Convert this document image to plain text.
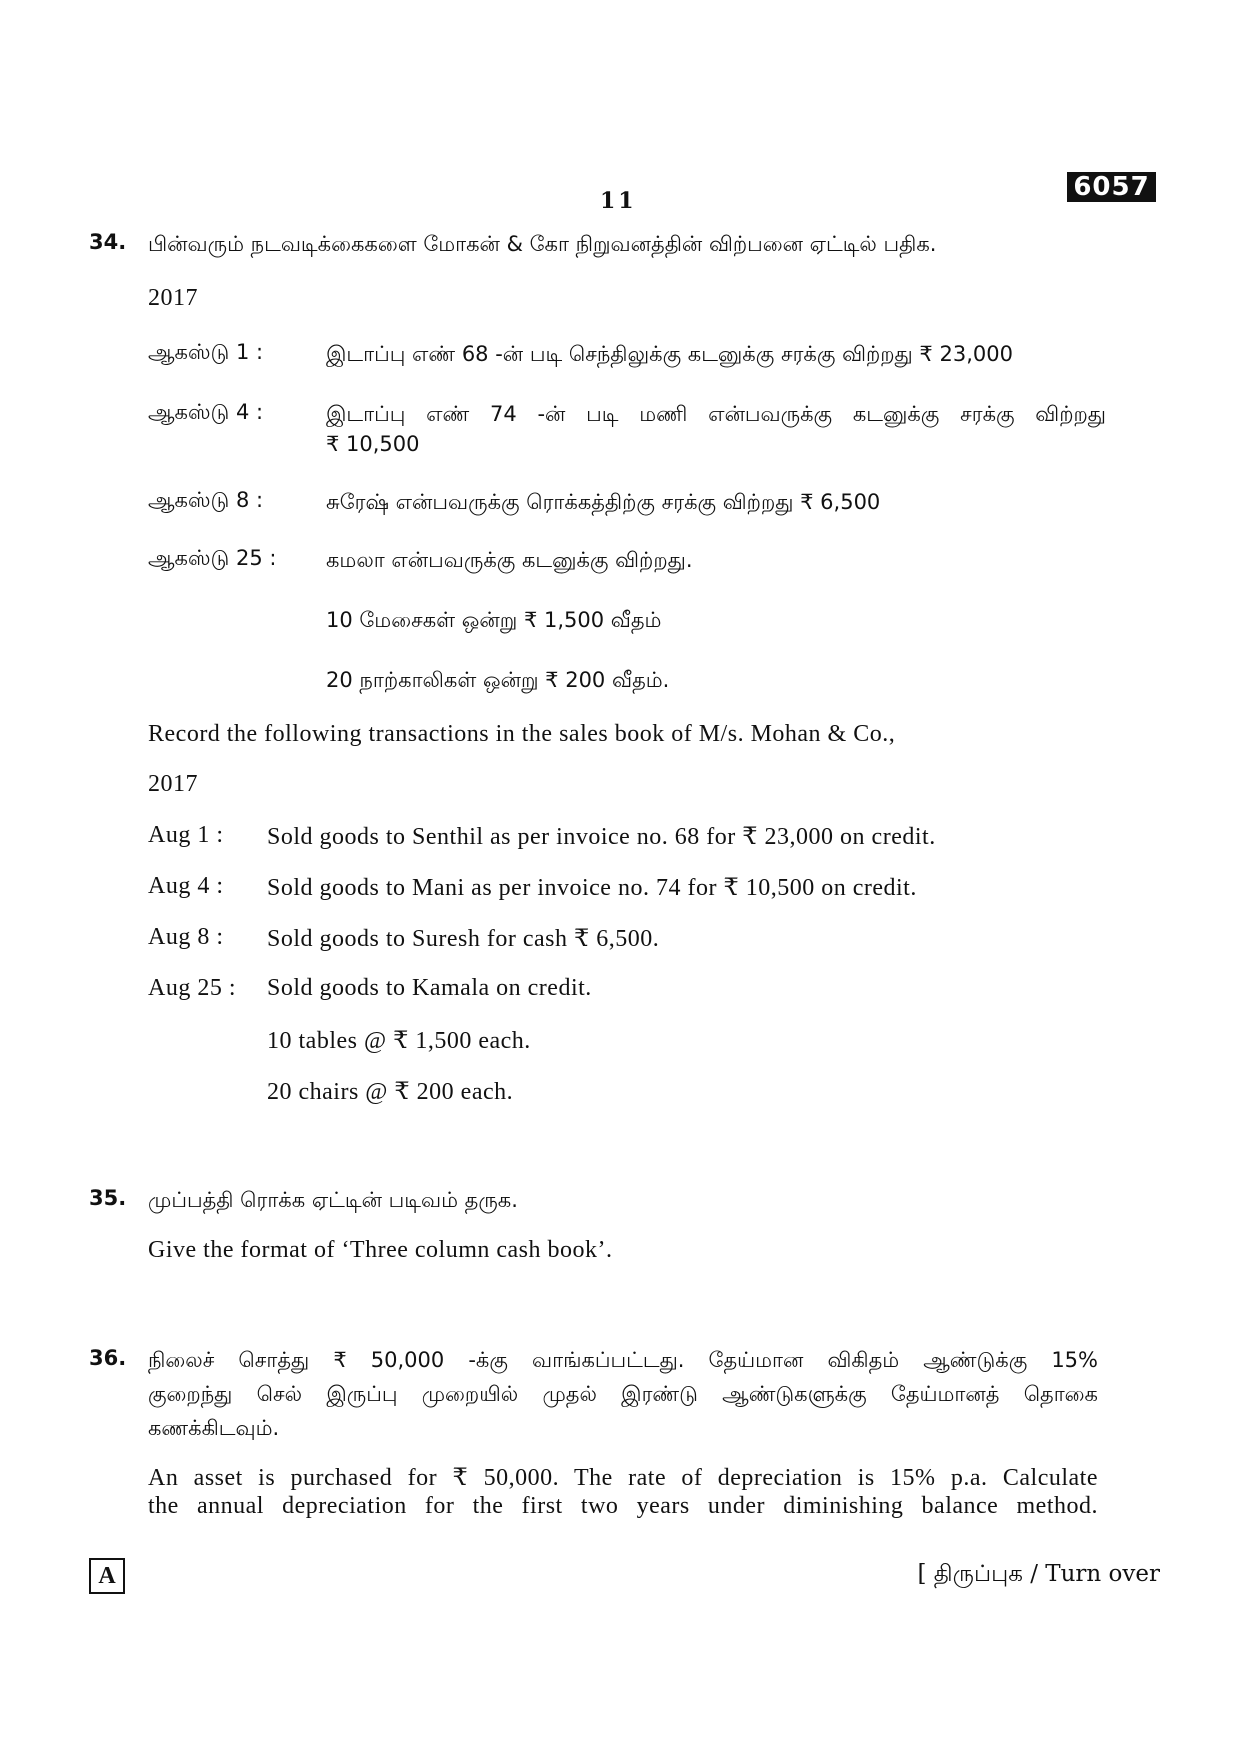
6057
11
34. பின்வரும் நடவடிக்கைகளை மோகன் & கோ நிறுவனத்தின் விற்பனை ஏட்டில் பதிக.
2017
ஆகஸ்டு 1 :	இடாப்பு எண் 68 -ன் படி செந்திலுக்கு கடனுக்கு சரக்கு விற்றது ₹ 23,000
ஆகஸ்டு 4 :	இடாப்பு எண் 74 -ன் படி மணி என்பவருக்கு கடனுக்கு சரக்கு விற்றது
₹ 10,500
ஆகஸ்டு 8 :	சுரேஷ் என்பவருக்கு ரொக்கத்திற்கு சரக்கு விற்றது ₹ 6,500
ஆகஸ்டு 25 : கமலா என்பவருக்கு கடனுக்கு விற்றது.
10 மேசைகள் ஒன்று ₹ 1,500 வீதம்
20 நாற்காலிகள் ஒன்று ₹ 200 வீதம்.
Record the following transactions in the sales book of M/s. Mohan & Co.,
2017
Aug 1 : Sold goods to Senthil as per invoice no. 68 for ₹ 23,000 on credit.
Aug 4 : Sold goods to Mani as per invoice no. 74 for ₹ 10,500 on credit.
Aug 8 : Sold goods to Suresh for cash ₹ 6,500.
Aug 25 : Sold goods to Kamala on credit.
10 tables @ ₹ 1,500 each.
20 chairs @ ₹ 200 each.
35. முப்பத்தி ரொக்க ஏட்டின் படிவம் தருக.
Give the format of ‘Three column cash book’.
36. நிலைச் சொத்து ₹ 50,000 -க்கு வாங்கப்பட்டது. தேய்மான விகிதம் ஆண்டுக்கு 15%
குறைந்து செல் இருப்பு முறையில் முதல் இரண்டு ஆண்டுகளுக்கு தேய்மானத் தொகை
கணக்கிடவும்.
An asset is purchased for ₹ 50,000. The rate of depreciation is 15% p.a. Calculate
the annual depreciation for the first two years under diminishing balance method.
A	[ திருப்புக / Turn over
